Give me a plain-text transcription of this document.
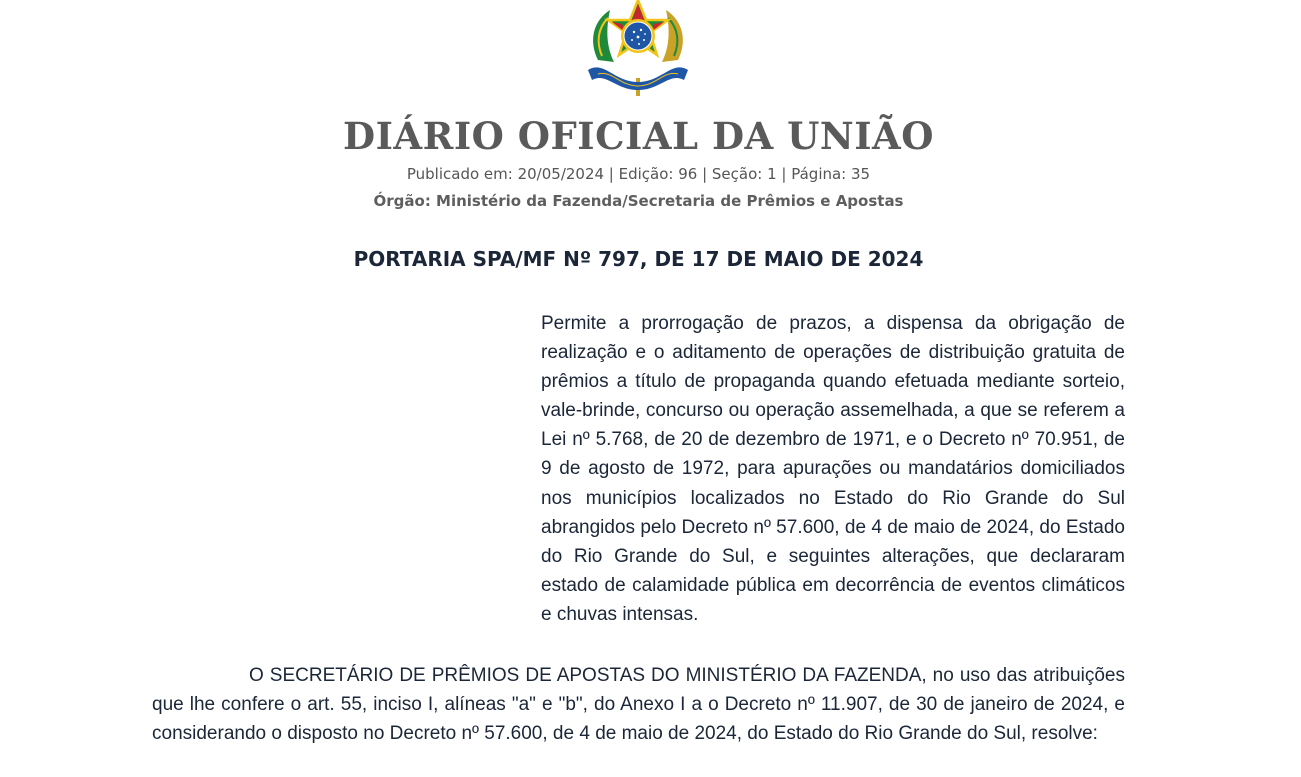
DIÁRIO OFICIAL DA UNIÃO

Publicado em: 20/05/2024 | Edição: 96 | Seção: 1 | Página: 35

Órgão: Ministério da Fazenda/Secretaria de Prêmios e Apostas

PORTARIA SPA/MF Nº 797, DE 17 DE MAIO DE 2024

Permite a prorrogação de prazos, a dispensa da obrigação de realização e o aditamento de operações de distribuição gratuita de prêmios a título de propaganda quando efetuada mediante sorteio, vale-brinde, concurso ou operação assemelhada, a que se referem a Lei nº 5.768, de 20 de dezembro de 1971, e o Decreto nº 70.951, de 9 de agosto de 1972, para apurações ou mandatários domiciliados nos municípios localizados no Estado do Rio Grande do Sul abrangidos pelo Decreto nº 57.600, de 4 de maio de 2024, do Estado do Rio Grande do Sul, e seguintes alterações, que declararam estado de calamidade pública em decorrência de eventos climáticos e chuvas intensas.

O SECRETÁRIO DE PRÊMIOS DE APOSTAS DO MINISTÉRIO DA FAZENDA, no uso das atribuições que lhe confere o art. 55, inciso I, alíneas "a" e "b", do Anexo I a o Decreto nº 11.907, de 30 de janeiro de 2024, e considerando o disposto no Decreto nº 57.600, de 4 de maio de 2024, do Estado do Rio Grande do Sul, resolve:
